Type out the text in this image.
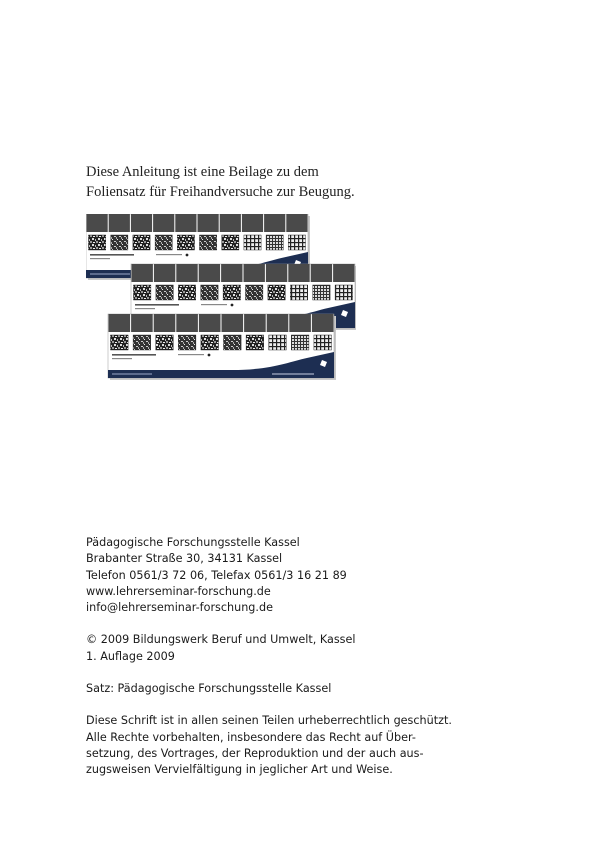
Diese Anleitung ist eine Beilage zu dem

Foliensatz für Freihandversuche zur Beugung.

Pädagogische Forschungsstelle Kassel

Brabanter Straße 30, 34131 Kassel

Telefon 0561/3 72 06, Telefax 0561/3 16 21 89

www.lehrerseminar-forschung.de

info@lehrerseminar-forschung.de

© 2009 Bildungswerk Beruf und Umwelt, Kassel

1. Auflage 2009

Satz: Pädagogische Forschungsstelle Kassel

Diese Schrift ist in allen seinen Teilen urheberrechtlich geschützt.

Alle Rechte vorbehalten, insbesondere das Recht auf Über-

setzung, des Vortrages, der Reproduktion und der auch aus-

zugsweisen Vervielfältigung in jeglicher Art und Weise.
